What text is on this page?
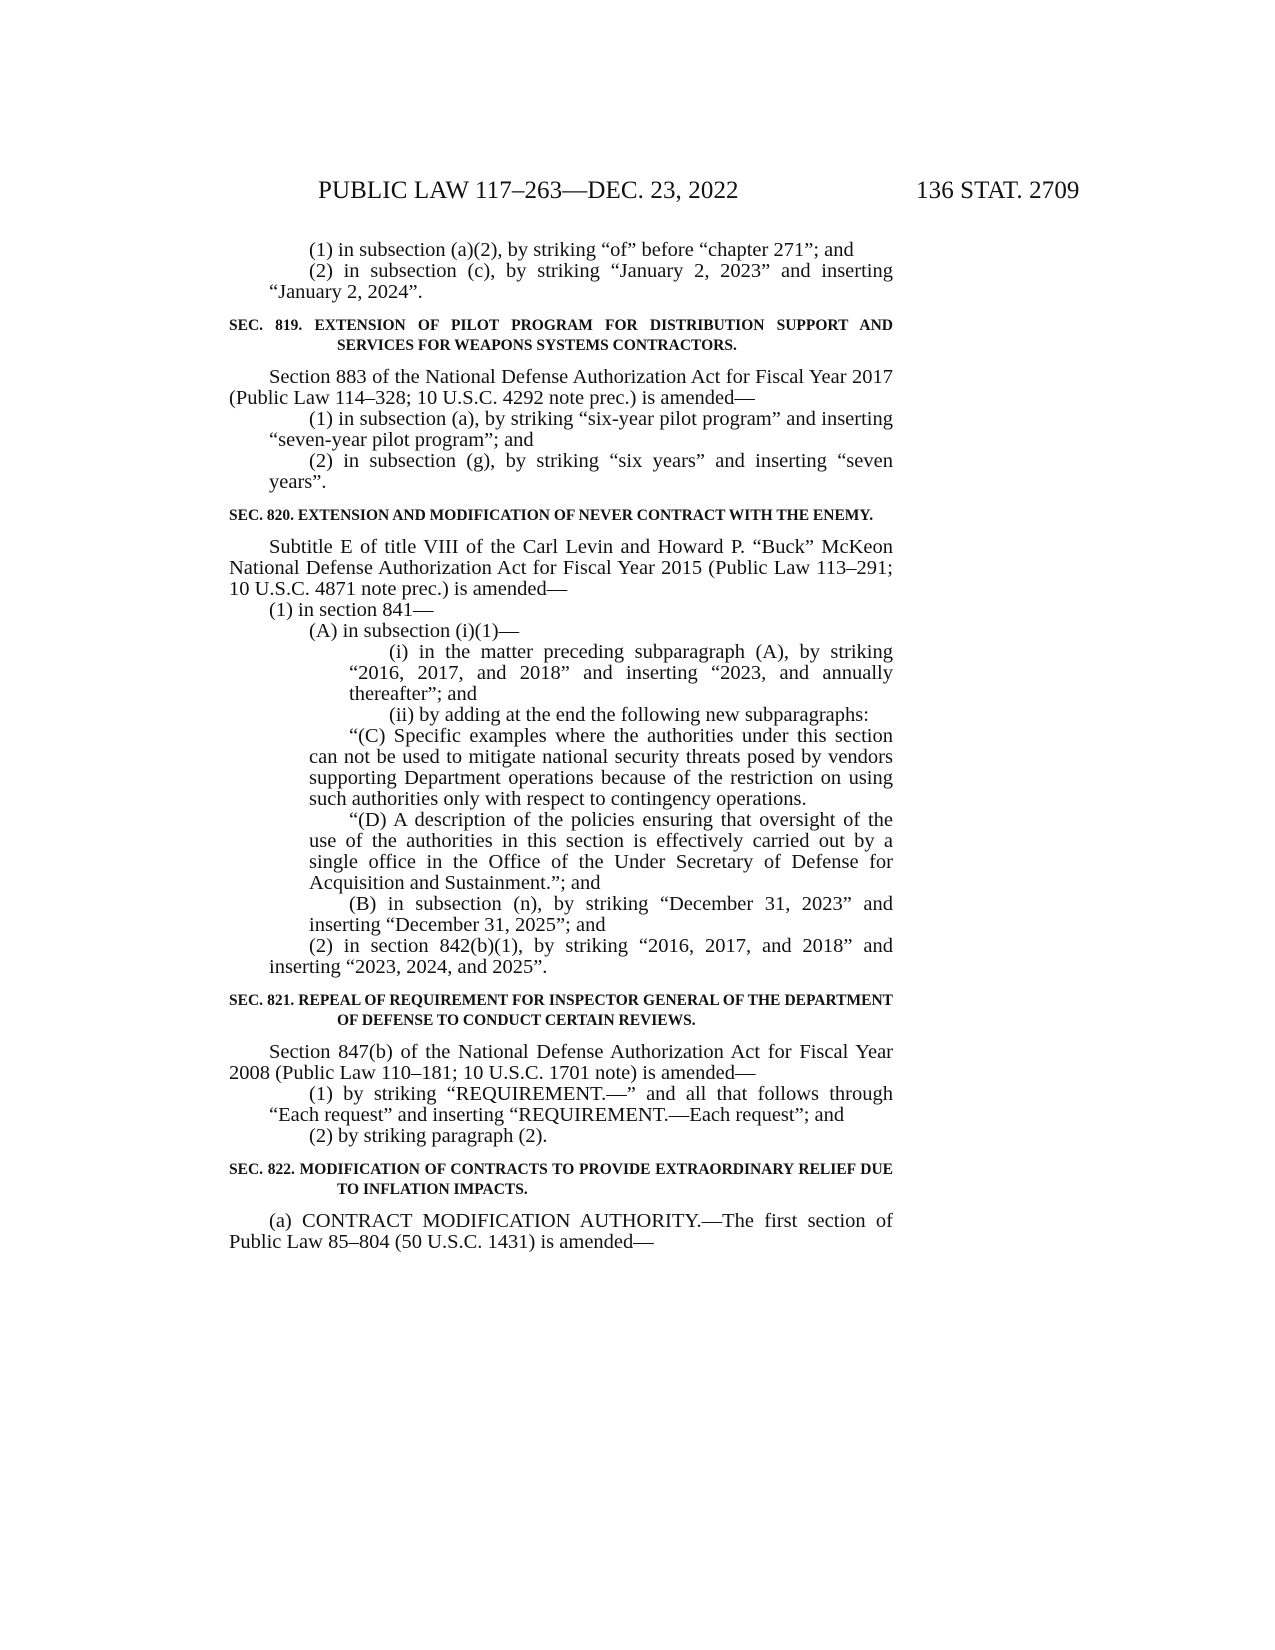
PUBLIC LAW 117–263—DEC. 23, 2022	136 STAT. 2709

(1) in subsection (a)(2), by striking “of” before “chapter 271”; and

(2) in subsection (c), by striking “January 2, 2023” and inserting “January 2, 2024”.

SEC. 819. EXTENSION OF PILOT PROGRAM FOR DISTRIBUTION SUPPORT AND SERVICES FOR WEAPONS SYSTEMS CONTRACTORS.

Section 883 of the National Defense Authorization Act for Fiscal Year 2017 (Public Law 114–328; 10 U.S.C. 4292 note prec.) is amended—

(1) in subsection (a), by striking “six-year pilot program” and inserting “seven-year pilot program”; and

(2) in subsection (g), by striking “six years” and inserting “seven years”.

SEC. 820. EXTENSION AND MODIFICATION OF NEVER CONTRACT WITH THE ENEMY.

Subtitle E of title VIII of the Carl Levin and Howard P. “Buck” McKeon National Defense Authorization Act for Fiscal Year 2015 (Public Law 113–291; 10 U.S.C. 4871 note prec.) is amended—

(1) in section 841—

(A) in subsection (i)(1)—

(i) in the matter preceding subparagraph (A), by striking “2016, 2017, and 2018” and inserting “2023, and annually thereafter”; and

(ii) by adding at the end the following new subparagraphs:

“(C) Specific examples where the authorities under this section can not be used to mitigate national security threats posed by vendors supporting Department operations because of the restriction on using such authorities only with respect to contingency operations.

“(D) A description of the policies ensuring that oversight of the use of the authorities in this section is effectively carried out by a single office in the Office of the Under Secretary of Defense for Acquisition and Sustainment.”; and

(B) in subsection (n), by striking “December 31, 2023” and inserting “December 31, 2025”; and

(2) in section 842(b)(1), by striking “2016, 2017, and 2018” and inserting “2023, 2024, and 2025”.

SEC. 821. REPEAL OF REQUIREMENT FOR INSPECTOR GENERAL OF THE DEPARTMENT OF DEFENSE TO CONDUCT CERTAIN REVIEWS.

Section 847(b) of the National Defense Authorization Act for Fiscal Year 2008 (Public Law 110–181; 10 U.S.C. 1701 note) is amended—

(1) by striking “REQUIREMENT.—” and all that follows through “Each request” and inserting “REQUIREMENT.—Each request”; and

(2) by striking paragraph (2).

SEC. 822. MODIFICATION OF CONTRACTS TO PROVIDE EXTRAORDINARY RELIEF DUE TO INFLATION IMPACTS.

(a) CONTRACT MODIFICATION AUTHORITY.—The first section of Public Law 85–804 (50 U.S.C. 1431) is amended—
